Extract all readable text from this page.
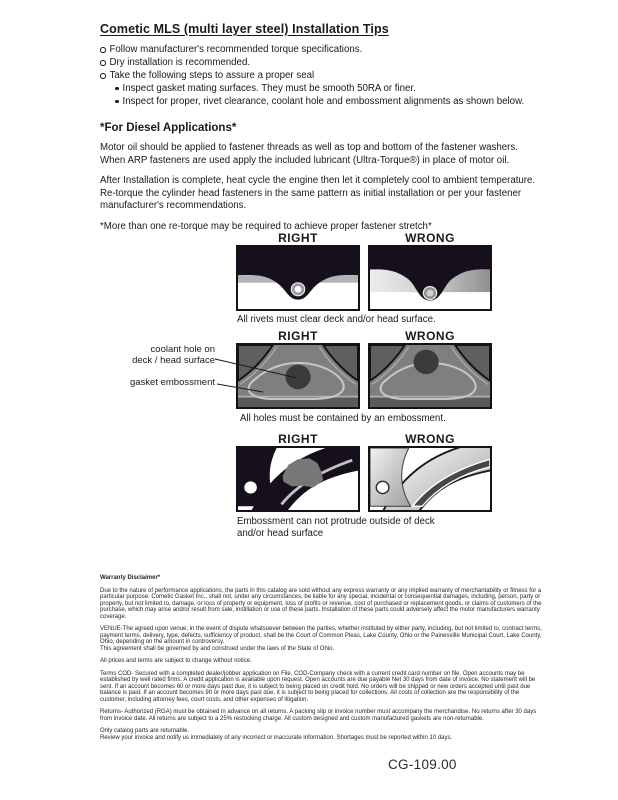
Cometic MLS (multi layer steel) Installation Tips
Follow manufacturer's recommended torque specifications.
Dry installation is recommended.
Take the following steps to assure a proper seal
Inspect gasket mating surfaces. They must be smooth 50RA or finer.
Inspect for proper, rivet clearance, coolant hole and embossment alignments as shown below.
*For Diesel Applications*
Motor oil should be applied to fastener threads as well as top and bottom of the fastener washers. When ARP fasteners are used apply the included lubricant (Ultra-Torque®) in place of motor oil.
After Installation is complete, heat cycle the engine then let it completely cool to ambient temperature. Re-torque the cylinder head fasteners in the same pattern as initial installation or per your fastener manufacturer's recommendations.
*More than one re-torque may be required to achieve proper fastener stretch*
RIGHT	WRONG
All rivets must clear deck and/or head surface.
RIGHT	WRONG
coolant hole on
deck / head surface
gasket embossment
All holes must be contained by an embossment.
RIGHT	WRONG
Embossment can not protrude outside of deck and/or head surface
Warranty Disclaimer*
Due to the nature of performance applications, the parts in this catalog are sold without any express warranty or any implied warranty of merchantability or fitness for a particular purpose. Cometic Gasket Inc., shall not, under any circumstances, be liable for any special, incidental or consequential damages, including, person, party or property, but not limited to, damage, or loss of property or equipment, loss of profits or revenue, cost of purchased or replacement goods, or claims of customers of the purchase, which may arise and/or result from sale, instillation or use of these parts. Installation of these parts could adversely affect the motor manufacturers warranty coverage.
VENUE-The agreed upon venue, in the event of dispute whatsoever between the parties, whether instituted by either party, including, but not limited to, contract terms, payment terms, delivery, type, defects, sufficiency of product, shall be the Court of Common Pleas, Lake County, Ohio or the Painesville Municipal Court, Lake County, Ohio, depending on the amount in controversy.
This agreement shall be governed by and construed under the laws of the State of Ohio.
All prices and terms are subject to change without notice.
Terms COD- Secured with a completed dealer/jobber application on File, COD-Company check with a current credit card number on file. Open accounts may be established by well rated firms. A credit application is available upon request. Open accounts are due payable Net 30 days from date of invoice. No statement will be sent. If an account becomes 60 or more days past due, it is subject to being placed on credit hold. No orders will be shipped or new orders accepted until past due balance is paid. If an account becomes 90 or more days past due, it is subject to being placed for collections. All costs of collection are the responsibility of the customer, including attorney fees, court costs, and other expenses of litigation.
Returns- Authorized (RGA) must be obtained in advance on all returns. A packing slip or invoice number must accompany the merchandise. No returns after 30 days from invoice date. All returns are subject to a 25% restocking charge. All custom designed and custom manufactured gaskets are non-returnable.
Only catalog parts are returnable.
Review your invoice and notify us immediately of any incorrect or inaccurate information. Shortages must be reported within 10 days.
CG-109.00
